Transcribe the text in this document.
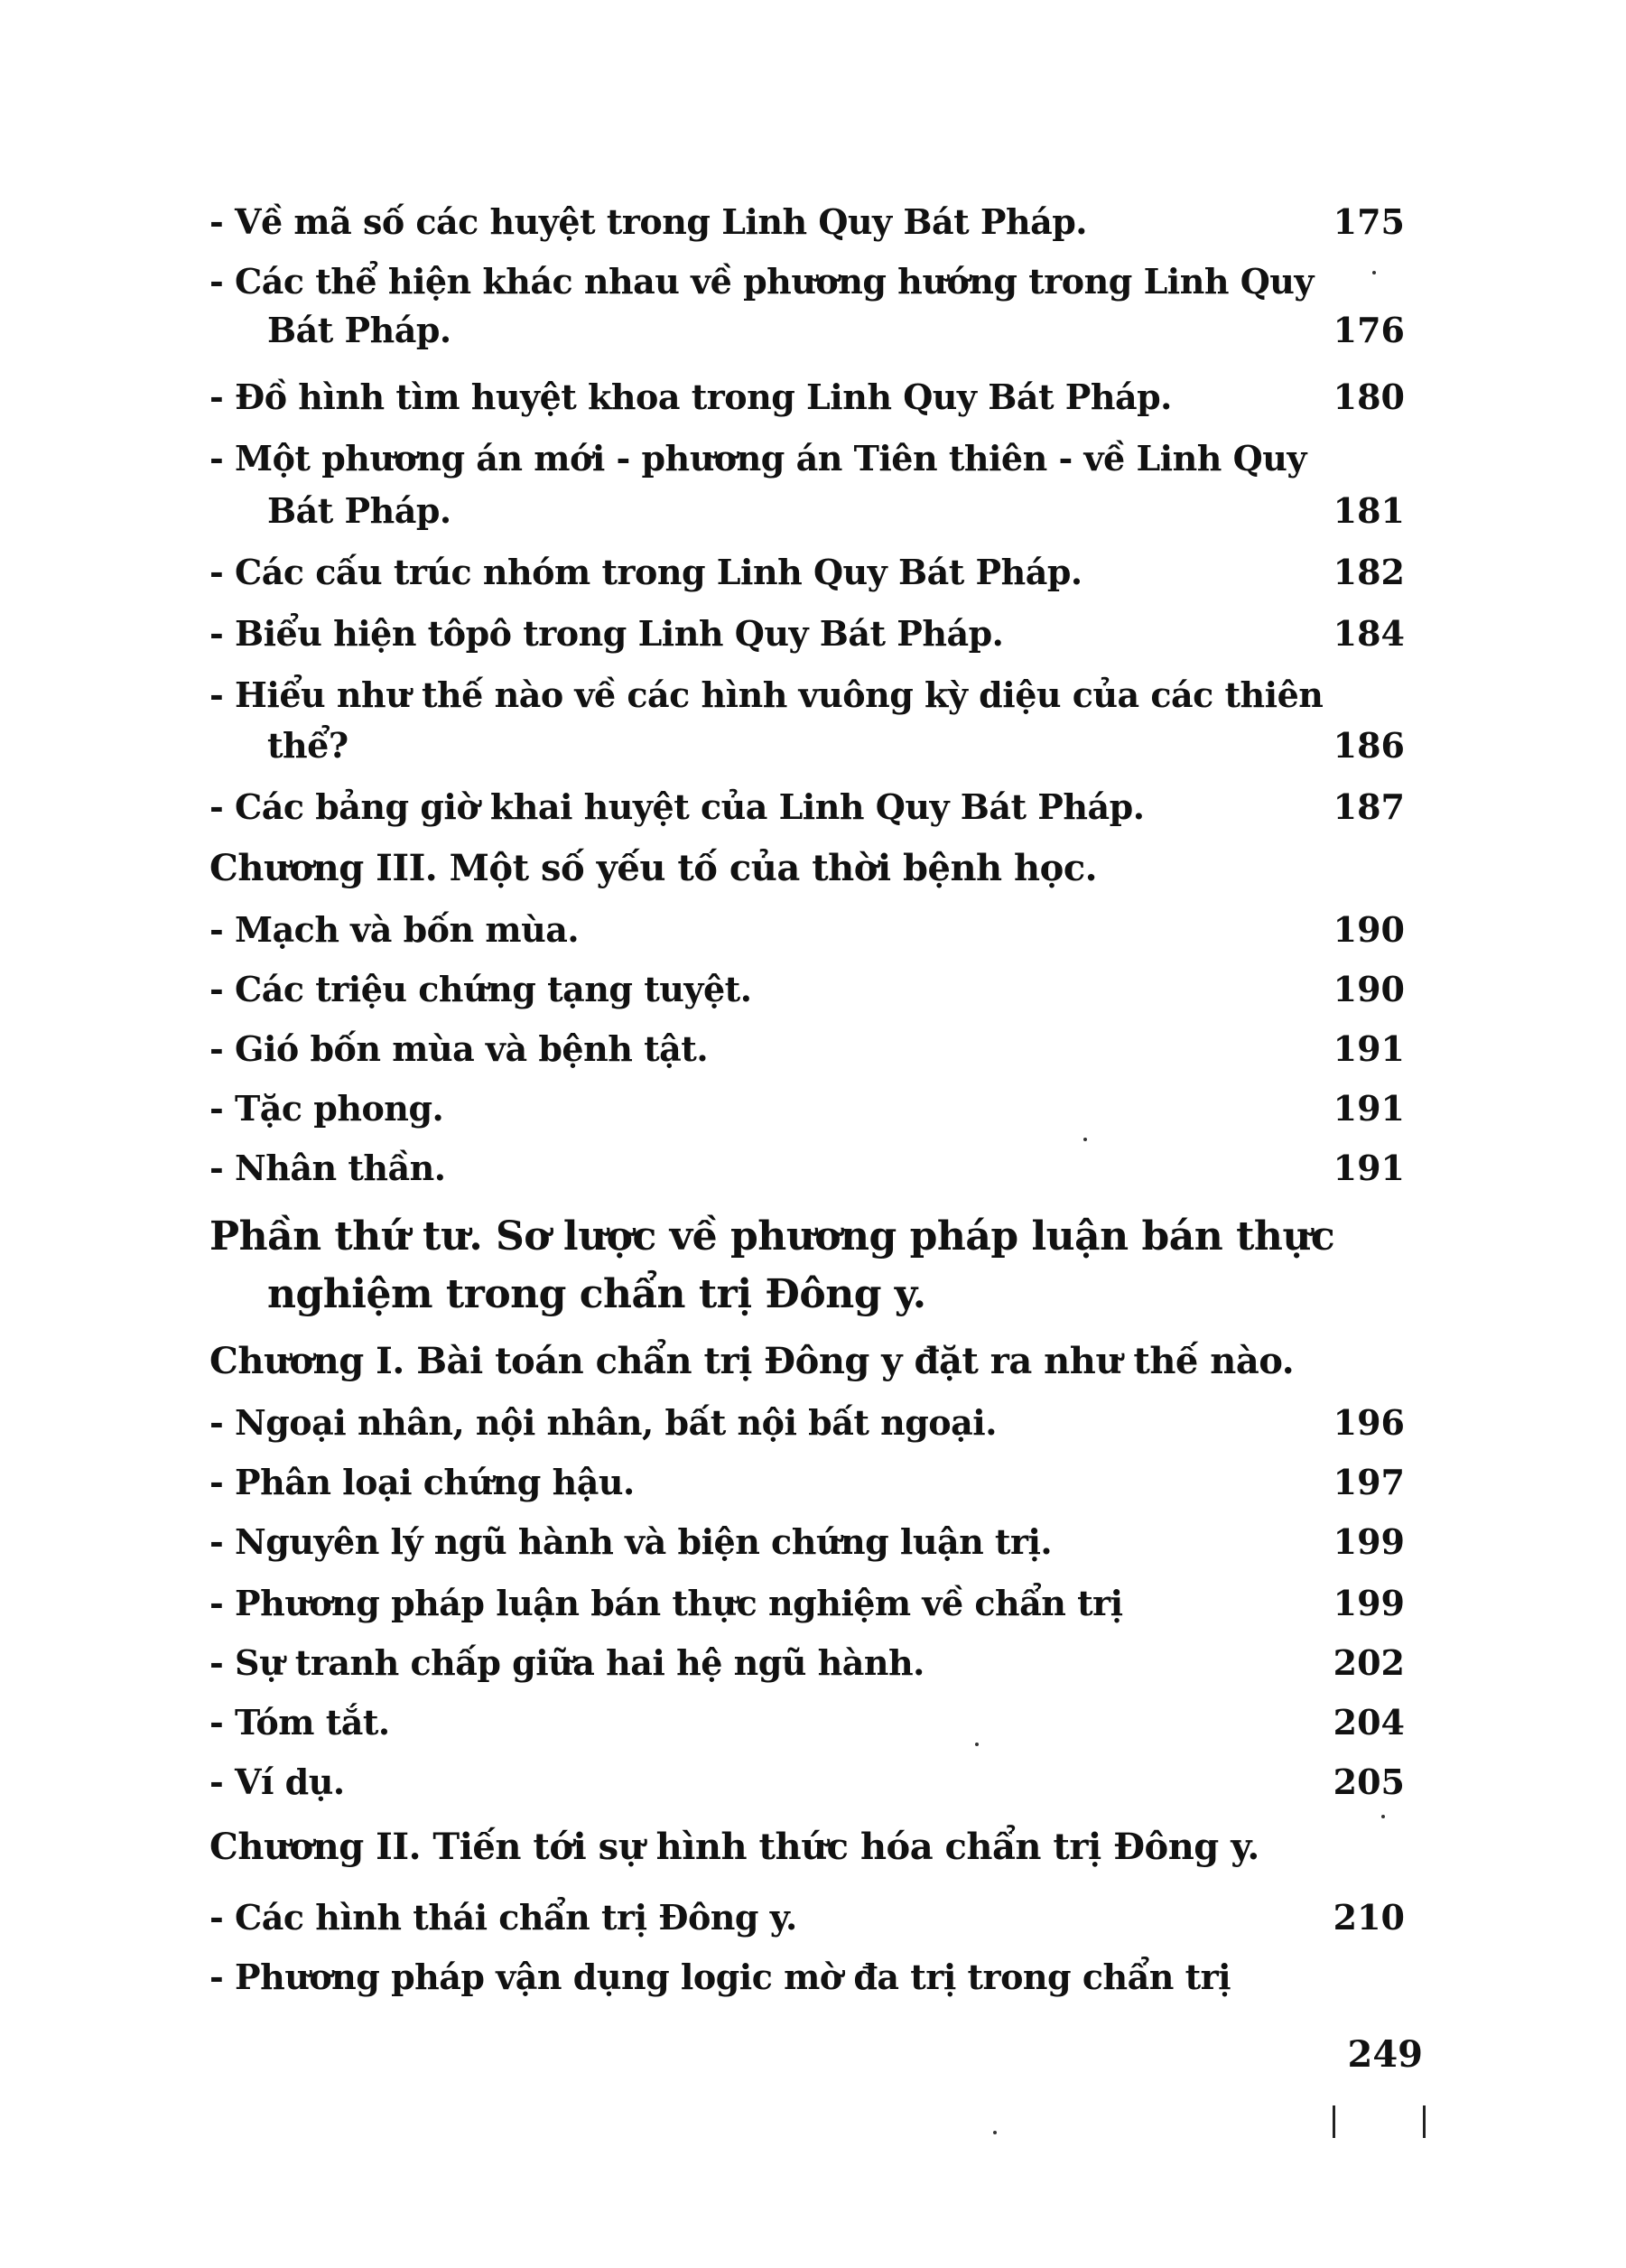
- Về mã số các huyệt trong Linh Quy Bát Pháp.	175
- Các thể hiện khác nhau về phương hướng trong Linh Quy
Bát Pháp.	176
- Đồ hình tìm huyệt khoa trong Linh Quy Bát Pháp.	180
- Một phương án mới - phương án Tiên thiên - về Linh Quy
Bát Pháp.	181
- Các cấu trúc nhóm trong Linh Quy Bát Pháp.	182
- Biểu hiện tôpô trong Linh Quy Bát Pháp.	184
- Hiểu như thế nào về các hình vuông kỳ diệu của các thiên
thể?	186
- Các bảng giờ khai huyệt của Linh Quy Bát Pháp.	187
Chương III. Một số yếu tố của thời bệnh học.
- Mạch và bốn mùa.	190
- Các triệu chứng tạng tuyệt.	190
- Gió bốn mùa và bệnh tật.	191
- Tặc phong.	191
- Nhân thần.	191
Phần thứ tư. Sơ lược về phương pháp luận bán thực
nghiệm trong chẩn trị Đông y.
Chương I. Bài toán chẩn trị Đông y đặt ra như thế nào.
- Ngoại nhân, nội nhân, bất nội bất ngoại.	196
- Phân loại chứng hậu.	197
- Nguyên lý ngũ hành và biện chứng luận trị.	199
- Phương pháp luận bán thực nghiệm về chẩn trị	199
- Sự tranh chấp giữa hai hệ ngũ hành.	202
- Tóm tắt.	204
- Ví dụ.	205
Chương II. Tiến tới sự hình thức hóa chẩn trị Đông y.
- Các hình thái chẩn trị Đông y.	210
- Phương pháp vận dụng logic mờ đa trị trong chẩn trị
249
